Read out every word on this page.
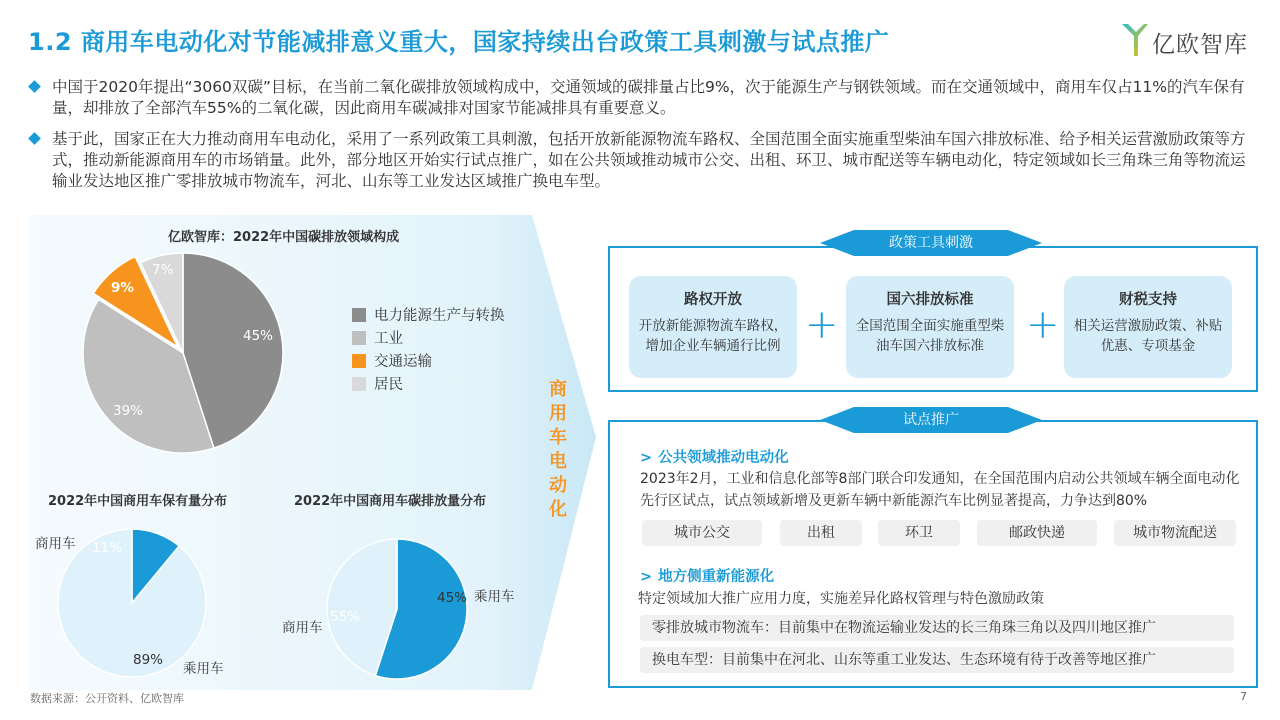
1.2 商用车电动化对节能减排意义重大，国家持续出台政策工具刺激与试点推广	亿欧智库
中国于2020年提出“3060双碳”目标，在当前二氧化碳排放领域构成中，交通领域的碳排量占比9%，次于能源生产与钢铁领域。而在交通领域中，商用车仅占11%的汽车保有量，却排放了全部汽车55%的二氧化碳，因此商用车碳减排对国家节能减排具有重要意义。
基于此，国家正在大力推动商用车电动化，采用了一系列政策工具刺激，包括开放新能源物流车路权、全国范围全面实施重型柴油车国六排放标准、给予相关运营激励政策等方式，推动新能源商用车的市场销量。此外，部分地区开始实行试点推广，如在公共领域推动城市公交、出租、环卫、城市配送等车辆电动化，特定领域如长三角珠三角等物流运输业发达地区推广零排放城市物流车，河北、山东等工业发达区域推广换电车型。
亿欧智库：2022年中国碳排放领域构成
45%
39%
9%
7%
电力能源生产与转换
工业
交通运输
居民
2022年中国商用车保有量分布
商用车 11%
89%
乘用车
2022年中国商用车碳排放量分布
商用车
55%
45% 乘用车
商用车电动化
政策工具刺激
路权开放
开放新能源物流车路权，增加企业车辆通行比例 +
国六排放标准
全国范围全面实施重型柴油车国六排放标准	+
财税支持
相关运营激励政策、补贴优惠、专项基金
试点推广
> 公共领域推动电动化
2023年2月，工业和信息化部等8部门联合印发通知，在全国范围内启动公共领域车辆全面电动化先行区试点，试点领域新增及更新车辆中新能源汽车比例显著提高，力争达到80%
城市公交	出租	环卫	邮政快递	城市物流配送
> 地方侧重新能源化
特定领域加大推广应用力度，实施差异化路权管理与特色激励政策
零排放城市物流车：目前集中在物流运输业发达的长三角珠三角以及四川地区推广
换电车型：目前集中在河北、山东等重工业发达、生态环境有待于改善等地区推广
数据来源：公开资料、亿欧智库	7
